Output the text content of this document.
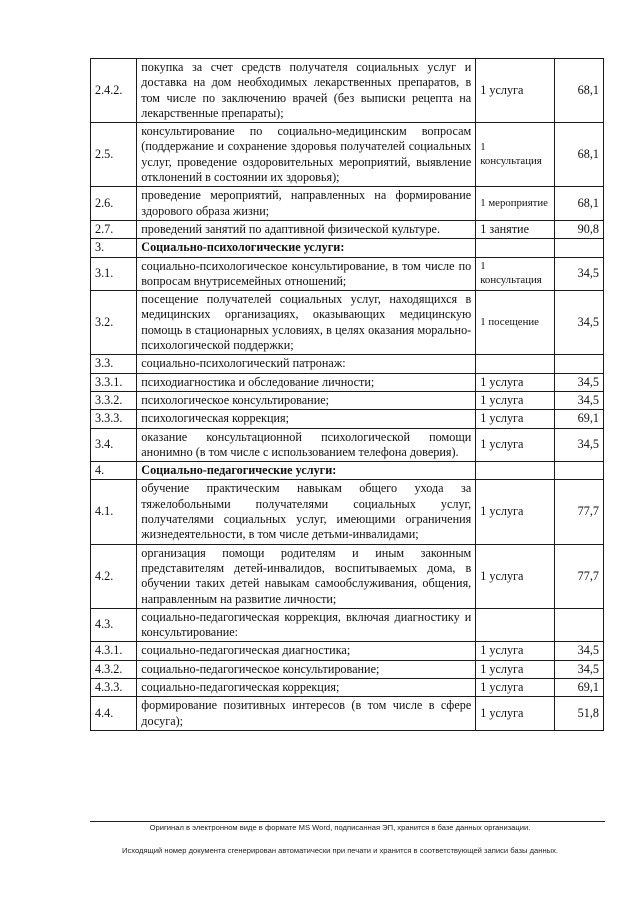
2.4.2.	покупка за счет средств получателя социальных услуг и доставка на дом необходимых лекарственных препаратов, в том числе по заключению врачей (без выписки рецепта на лекарственные препараты);	1 услуга	68,1
2.5.	консультирование по социально-медицинским вопросам (поддержание и сохранение здоровья получателей социальных услуг, проведение оздоровительных мероприятий, выявление отклонений в состоянии их здоровья);	1 консультация	68,1
2.6.	проведение мероприятий, направленных на формирование здорового образа жизни;	1 мероприятие	68,1
2.7.	проведений занятий по адаптивной физической культуре.	1 занятие	90,8
3.	Социально-психологические услуги:		
3.1.	социально-психологическое консультирование, в том числе по вопросам внутрисемейных отношений;	1 консультация	34,5
3.2.	посещение получателей социальных услуг, находящихся в медицинских организациях, оказывающих медицинскую помощь в стационарных условиях, в целях оказания морально-психологической поддержки;	1 посещение	34,5
3.3.	социально-психологический патронаж:		
3.3.1.	психодиагностика и обследование личности;	1 услуга	34,5
3.3.2.	психологическое консультирование;	1 услуга	34,5
3.3.3.	психологическая коррекция;	1 услуга	69,1
3.4.	оказание консультационной психологической помощи анонимно (в том числе с использованием телефона доверия).	1 услуга	34,5
4.	Социально-педагогические услуги:		
4.1.	обучение практическим навыкам общего ухода за тяжелобольными получателями социальных услуг, получателями социальных услуг, имеющими ограничения жизнедеятельности, в том числе детьми-инвалидами;	1 услуга	77,7
4.2.	организация помощи родителям и иным законным представителям детей-инвалидов, воспитываемых дома, в обучении таких детей навыкам самообслуживания, общения, направленным на развитие личности;	1 услуга	77,7
4.3.	социально-педагогическая коррекция, включая диагностику и консультирование:		
4.3.1.	социально-педагогическая диагностика;	1 услуга	34,5
4.3.2.	социально-педагогическое консультирование;	1 услуга	34,5
4.3.3.	социально-педагогическая коррекция;	1 услуга	69,1
4.4.	формирование позитивных интересов (в том числе в сфере досуга);	1 услуга	51,8
Оригинал в электронном виде в формате MS Word, подписанная ЭП, хранится в базе данных организации.
Исходящий номер документа сгенерирован автоматически при печати и хранится в соответствующей записи базы данных.
